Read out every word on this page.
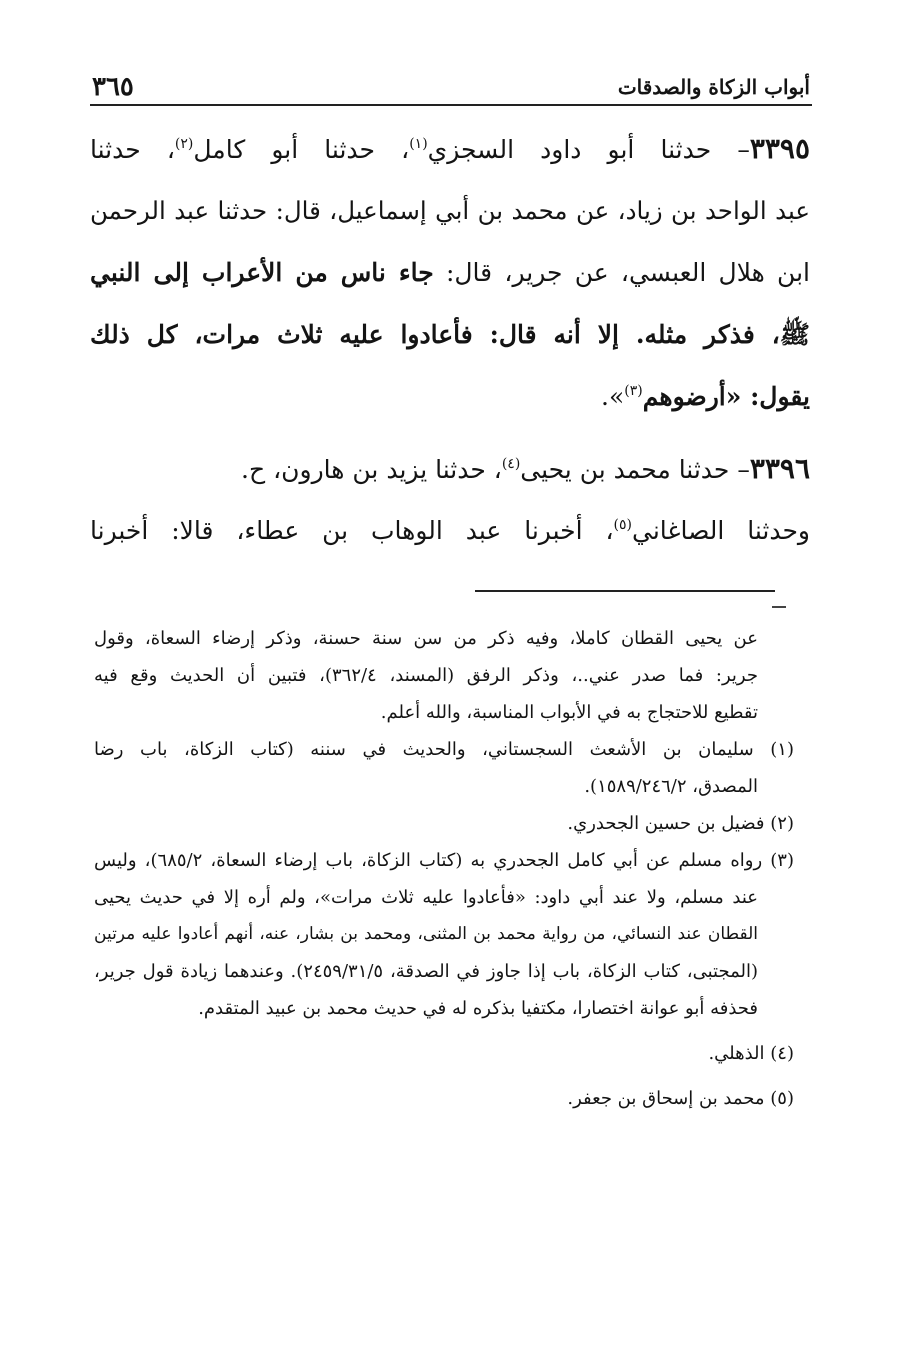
أبواب الزكاة والصدقات
٣٦٥
٣٣٩٥– حدثنا أبو داود السجزي$^{(١)}$، حدثنا أبو كامل$^{(٢)}$، حدثنا
عبد الواحد بن زياد، عن محمد بن أبي إسماعيل، قال: حدثنا عبد الرحمن
ابن هلال العبسي، عن جرير، قال: جاء ناس من الأعراب إلى النبي
ﷺ، فذكر مثله. إلا أنه قال: فأعادوا عليه ثلاث مرات، كل ذلك
يقول: «أرضوهم$^{(٣)}$».
٣٣٩٦– حدثنا محمد بن يحيى$^{(٤)}$، حدثنا يزيد بن هارون، ح.
وحدثنا الصاغاني$^{(٥)}$، أخبرنا عبد الوهاب بن عطاء، قالا: أخبرنا
عن يحيى القطان كاملا، وفيه ذكر من سن سنة حسنة، وذكر إرضاء السعاة، وقول
جرير: فما صدر عني..، وذكر الرفق (المسند، ٣٦٢/٤)، فتبين أن الحديث وقع فيه
تقطيع للاحتجاج به في الأبواب المناسبة، والله أعلم.
(١) سليمان بن الأشعث السجستاني، والحديث في سننه (كتاب الزكاة، باب رضا
المصدق، ١٥٨٩/٢٤٦/٢).
(٢) فضيل بن حسين الجحدري.
(٣) رواه مسلم عن أبي كامل الجحدري به (كتاب الزكاة، باب إرضاء السعاة، ٦٨٥/٢)، وليس
عند مسلم، ولا عند أبي داود: «فأعادوا عليه ثلاث مرات»، ولم أره إلا في حديث يحيى
القطان عند النسائي، من رواية محمد بن المثنى، ومحمد بن بشار، عنه، أنهم أعادوا عليه مرتين
(المجتبى، كتاب الزكاة، باب إذا جاوز في الصدقة، ٢٤٥٩/٣١/٥). وعندهما زيادة قول جرير،
فحذفه أبو عوانة اختصارا، مكتفيا بذكره له في حديث محمد بن عبيد المتقدم.
(٤) الذهلي.
(٥) محمد بن إسحاق بن جعفر.
